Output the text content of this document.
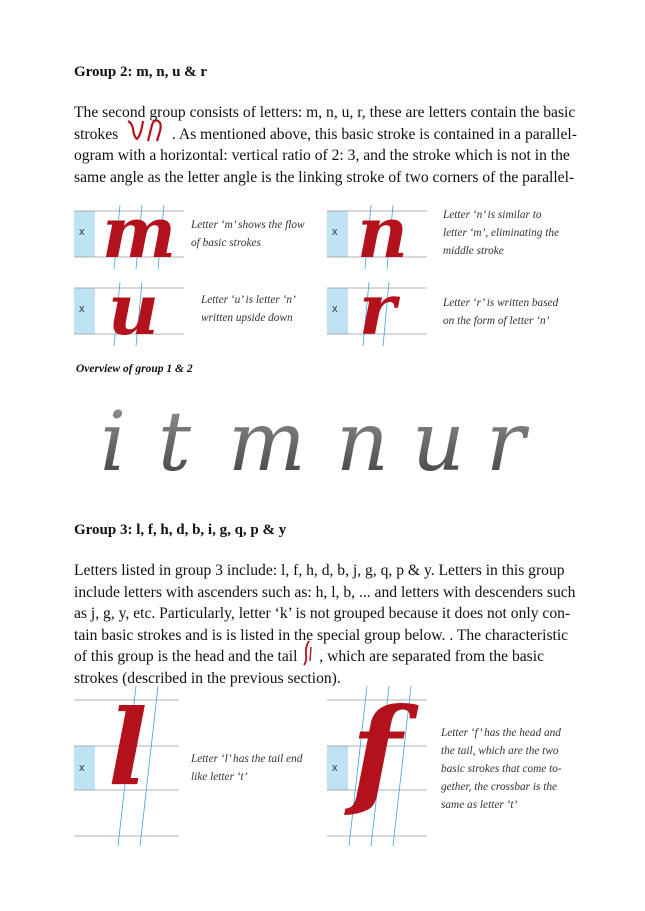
Group 2: m, n, u & r
The second group consists of letters: m, n, u, r, these are letters contain the basic
strokes	. As mentioned above, this basic stroke is contained in a parallel-
ogram with a horizontal: vertical ratio of 2: 3, and the stroke which is not in the
same angle as the letter angle is the linking stroke of two corners of the parallel-
x m Letter ‘m’ shows the flow
of basic strokes
x n	Letter ‘n’ is similar to
letter ‘m’, eliminating the
middle stroke
x u	Letter ‘u’ is letter ‘n’
written upside down
x r	Letter ‘r’ is written based
on the form of letter ‘n’
Overview of group 1 & 2
i t m n u r
Group 3: l, f, h, d, b, i, g, q, p & y
Letters listed in group 3 include: l, f, h, d, b, j, g, q, p & y. Letters in this group
include letters with ascenders such as: h, l, b, ... and letters with descenders such
as j, g, y, etc. Particularly, letter ‘k’ is not grouped because it does not only con-
tain basic strokes and is is listed in the special group below. . The characteristic
of this group is the head and the tail , which are separated from the basic
strokes (described in the previous section).
x l	Letter ‘l’ has the tail end
like letter ‘t’
x f	Letter ‘f’ has the head and
the tail, which are the two
basic strokes that come to-
gether, the crossbar is the
same as letter ‘t’
